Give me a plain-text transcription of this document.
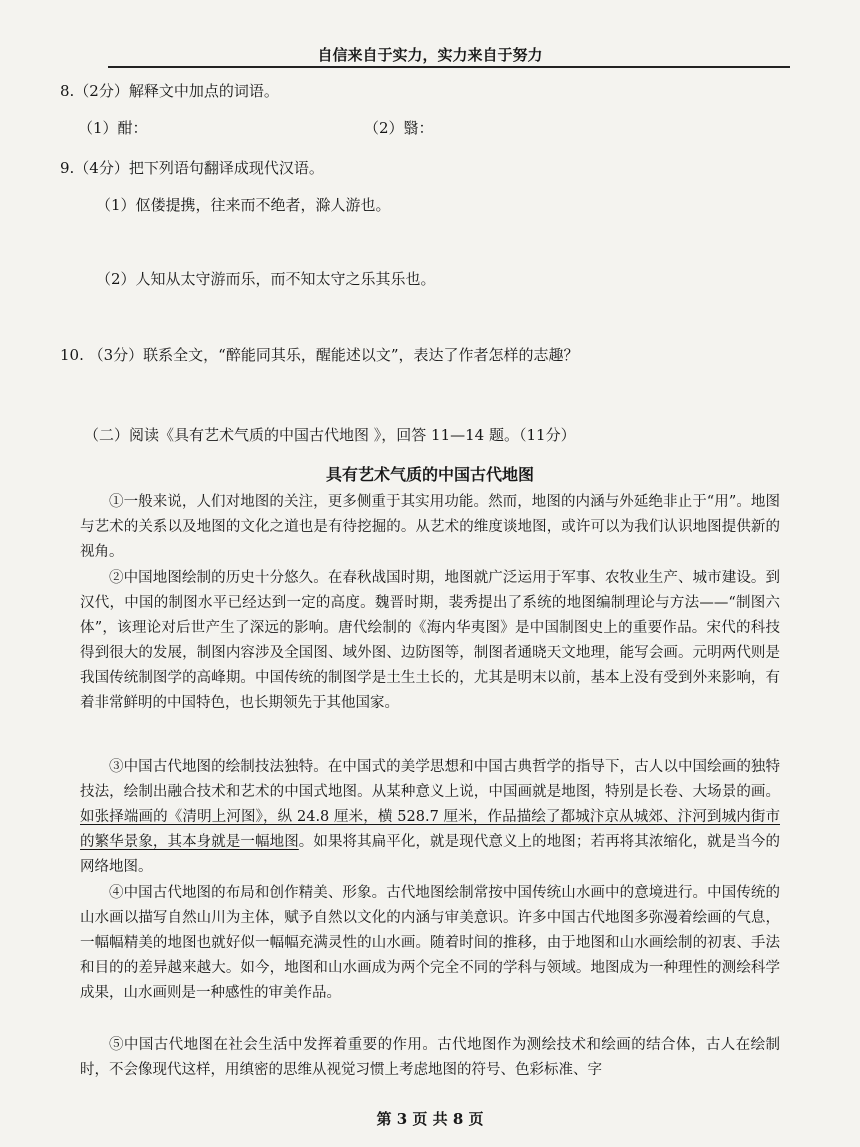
自信来自于实力，实力来自于努力
8.（2分）解释文中加点的词语。
（1）酣：	（2）翳：
9.（4分）把下列语句翻译成现代汉语。
（1）伛偻提携，往来而不绝者，滁人游也。
（2）人知从太守游而乐，而不知太守之乐其乐也。
10. （3分）联系全文，“醉能同其乐，醒能述以文”，表达了作者怎样的志趣？
（二）阅读《具有艺术气质的中国古代地图 》，回答 11—14 题。（11分）
具有艺术气质的中国古代地图

①一般来说，人们对地图的关注，更多侧重于其实用功能。然而，地图的内涵与外延绝非止于“用”。地图与艺术的关系以及地图的文化之道也是有待挖掘的。从艺术的维度谈地图，或许可以为我们认识地图提供新的视角。

②中国地图绘制的历史十分悠久。在春秋战国时期，地图就广泛运用于军事、农牧业生产、城市建设。到汉代，中国的制图水平已经达到一定的高度。魏晋时期，裴秀提出了系统的地图编制理论与方法——“制图六体”，该理论对后世产生了深远的影响。唐代绘制的《海内华夷图》是中国制图史上的重要作品。宋代的科技得到很大的发展，制图内容涉及全国图、域外图、边防图等，制图者通晓天文地理，能写会画。元明两代则是我国传统制图学的高峰期。中国传统的制图学是土生土长的，尤其是明末以前，基本上没有受到外来影响，有着非常鲜明的中国特色，也长期领先于其他国家。

③中国古代地图的绘制技法独特。在中国式的美学思想和中国古典哲学的指导下，古人以中国绘画的独特技法，绘制出融合技术和艺术的中国式地图。从某种意义上说，中国画就是地图，特别是长卷、大场景的画。如张择端画的《清明上河图》，纵 24.8 厘米，横 528.7 厘米，作品描绘了都城汴京从城郊、汴河到城内街市的繁华景象，其本身就是一幅地图。如果将其扁平化，就是现代意义上的地图；若再将其浓缩化，就是当今的网络地图。

④中国古代地图的布局和创作精美、形象。古代地图绘制常按中国传统山水画中的意境进行。中国传统的山水画以描写自然山川为主体，赋予自然以文化的内涵与审美意识。许多中国古代地图多弥漫着绘画的气息，一幅幅精美的地图也就好似一幅幅充满灵性的山水画。随着时间的推移，由于地图和山水画绘制的初衷、手法和目的的差异越来越大。如今，地图和山水画成为两个完全不同的学科与领域。地图成为一种理性的测绘科学成果，山水画则是一种感性的审美作品。

⑤中国古代地图在社会生活中发挥着重要的作用。古代地图作为测绘技术和绘画的结合体，古人在绘制时，不会像现代这样，用缜密的思维从视觉习惯上考虑地图的符号、色彩标准、字

第 3 页 共 8 页
